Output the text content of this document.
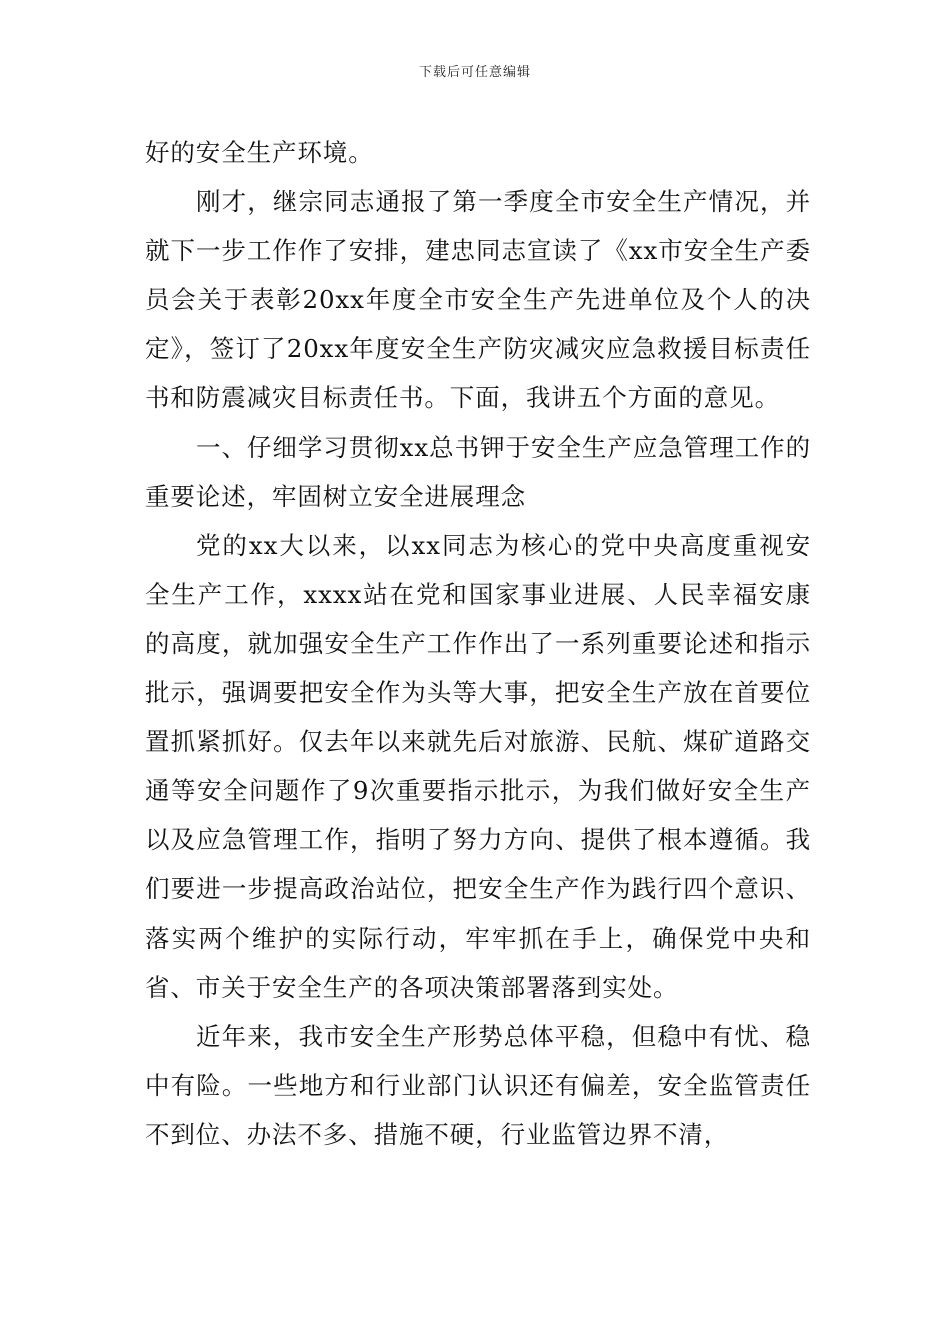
下载后可任意编辑

好的安全生产环境。

刚才，继宗同志通报了第一季度全市安全生产情况，并就下一步工作作了安排，建忠同志宣读了《xx市安全生产委员会关于表彰20xx年度全市安全生产先进单位及个人的决定》，签订了20xx年度安全生产防灾减灾应急救援目标责任书和防震减灾目标责任书。下面，我讲五个方面的意见。

一、仔细学习贯彻xx总书钾于安全生产应急管理工作的重要论述，牢固树立安全进展理念

党的xx大以来，以xx同志为核心的党中央高度重视安全生产工作，xxxx站在党和国家事业进展、人民幸福安康的高度，就加强安全生产工作作出了一系列重要论述和指示批示，强调要把安全作为头等大事，把安全生产放在首要位置抓紧抓好。仅去年以来就先后对旅游、民航、煤矿道路交通等安全问题作了9次重要指示批示，为我们做好安全生产以及应急管理工作，指明了努力方向、提供了根本遵循。我们要进一步提高政治站位，把安全生产作为践行四个意识、落实两个维护的实际行动，牢牢抓在手上，确保党中央和省、市关于安全生产的各项决策部署落到实处。

近年来，我市安全生产形势总体平稳，但稳中有忧、稳中有险。一些地方和行业部门认识还有偏差，安全监管责任不到位、办法不多、措施不硬，行业监管边界不清，
